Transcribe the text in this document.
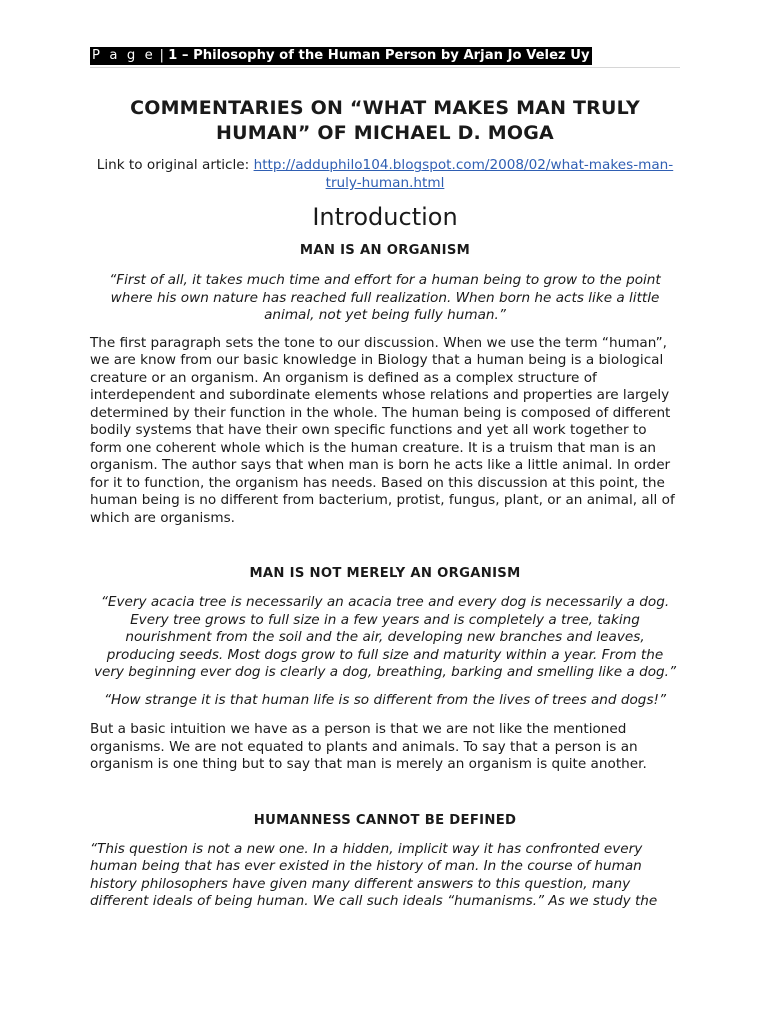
P a g e | 1 – Philosophy of the Human Person by Arjan Jo Velez Uy
COMMENTARIES ON “WHAT MAKES MAN TRULY HUMAN” OF MICHAEL D. MOGA
Link to original article: http://adduphilo104.blogspot.com/2008/02/what-makes-man-truly-human.html
Introduction
MAN IS AN ORGANISM

“First of all, it takes much time and effort for a human being to grow to the point where his own nature has reached full realization. When born he acts like a little animal, not yet being fully human.”

The first paragraph sets the tone to our discussion. When we use the term “human”, we are know from our basic knowledge in Biology that a human being is a biological creature or an organism. An organism is defined as a complex structure of interdependent and subordinate elements whose relations and properties are largely determined by their function in the whole. The human being is composed of different bodily systems that have their own specific functions and yet all work together to form one coherent whole which is the human creature. It is a truism that man is an organism. The author says that when man is born he acts like a little animal. In order for it to function, the organism has needs. Based on this discussion at this point, the human being is no different from bacterium, protist, fungus, plant, or an animal, all of which are organisms.

MAN IS NOT MERELY AN ORGANISM

“Every acacia tree is necessarily an acacia tree and every dog is necessarily a dog. Every tree grows to full size in a few years and is completely a tree, taking nourishment from the soil and the air, developing new branches and leaves, producing seeds. Most dogs grow to full size and maturity within a year. From the very beginning ever dog is clearly a dog, breathing, barking and smelling like a dog.”

“How strange it is that human life is so different from the lives of trees and dogs!”

But a basic intuition we have as a person is that we are not like the mentioned organisms. We are not equated to plants and animals. To say that a person is an organism is one thing but to say that man is merely an organism is quite another.

HUMANNESS CANNOT BE DEFINED

“This question is not a new one. In a hidden, implicit way it has confronted every human being that has ever existed in the history of man. In the course of human history philosophers have given many different answers to this question, many different ideals of being human. We call such ideals “humanisms.” As we study the
